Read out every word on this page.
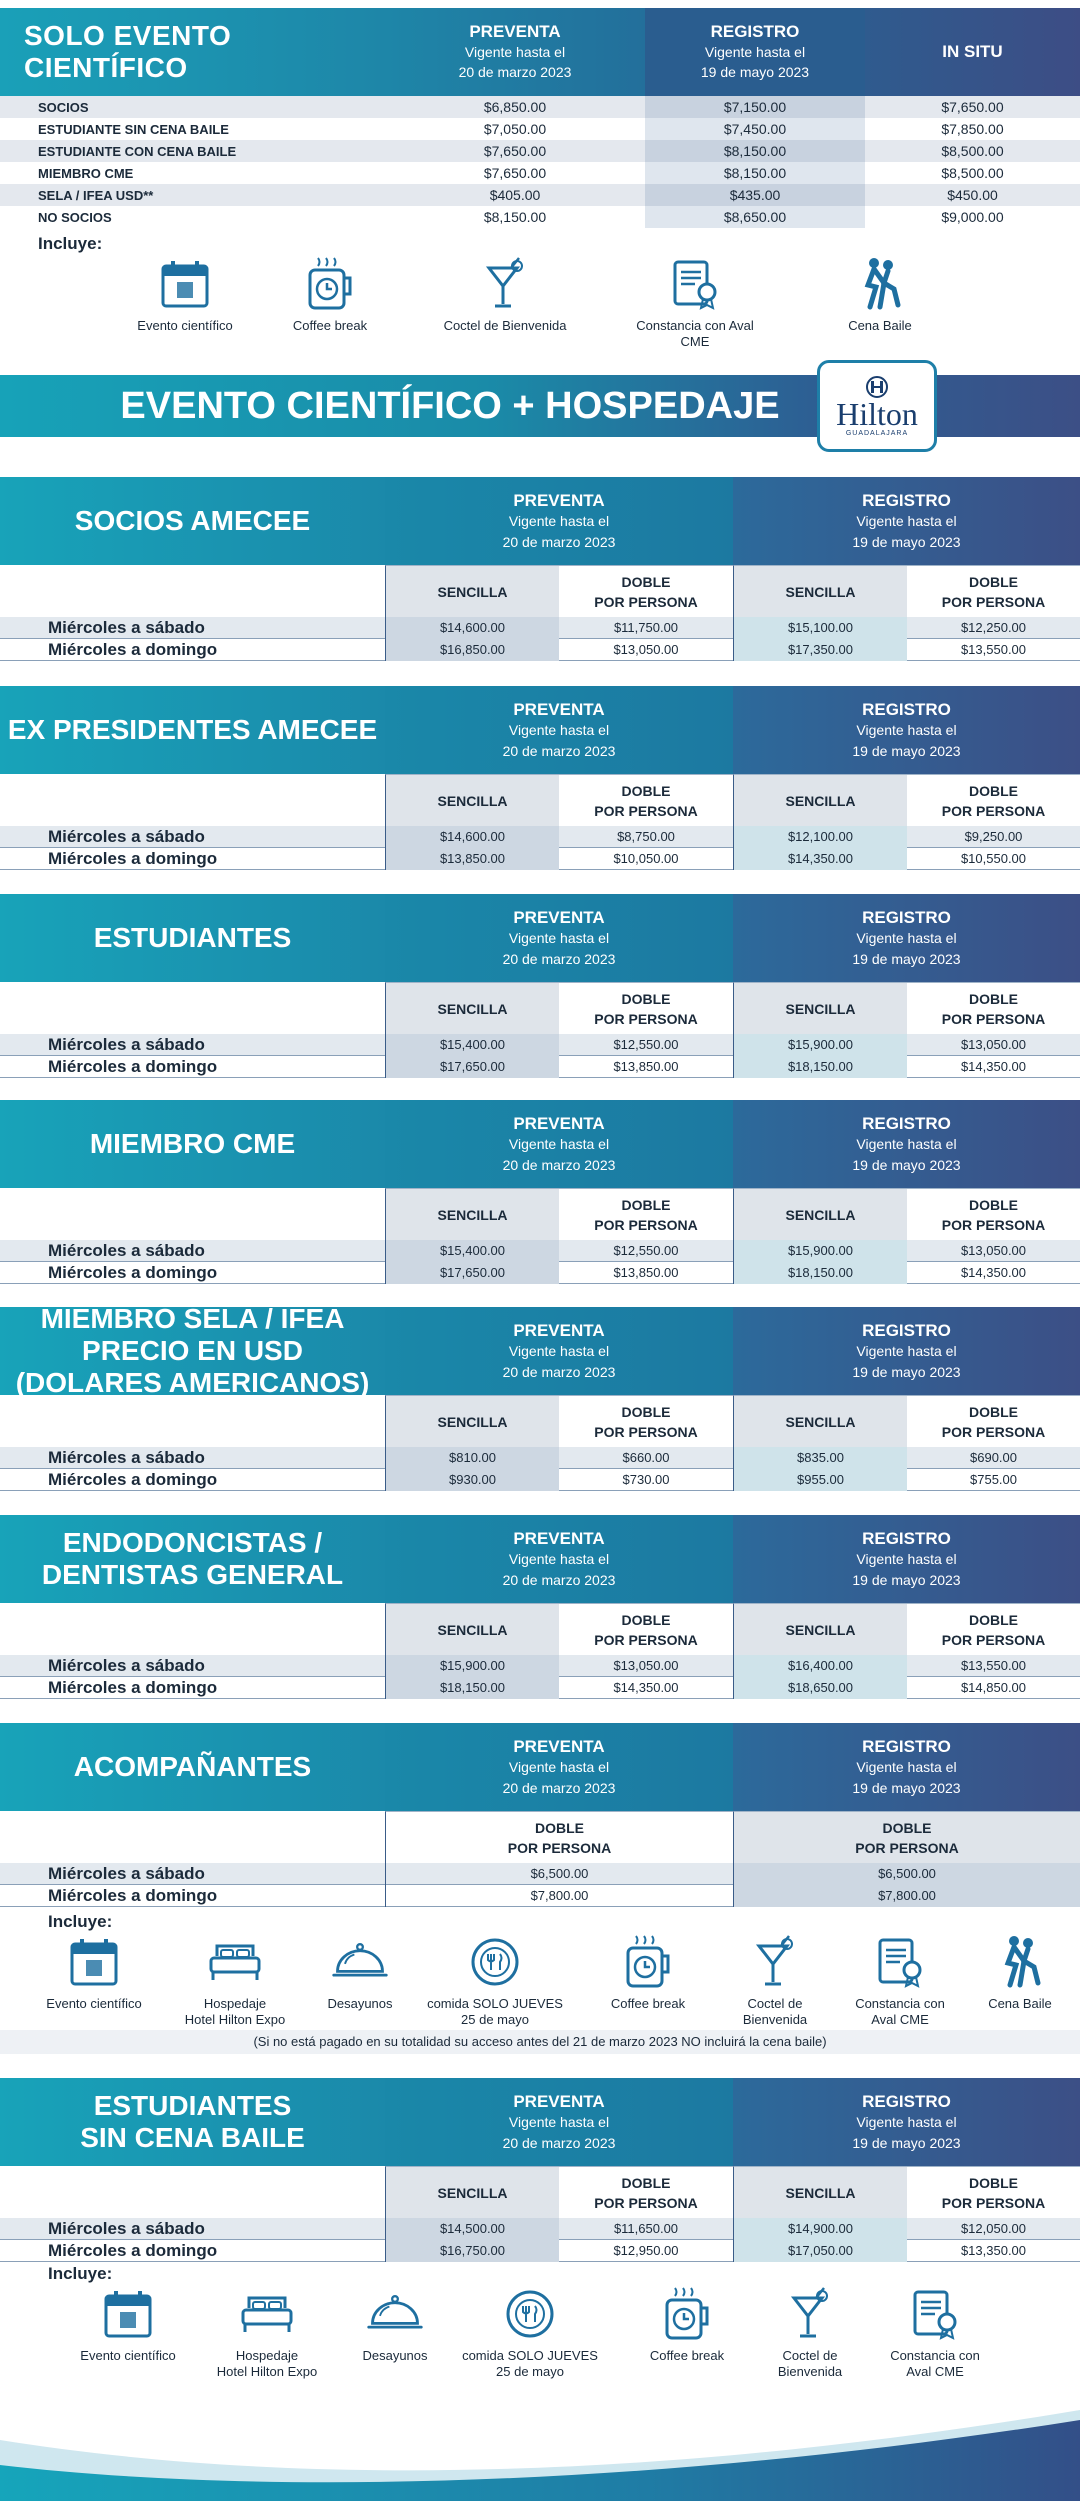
SOLO EVENTO CIENTÍFICO
PREVENTA
Vigente hasta el
20 de marzo 2023
REGISTRO
Vigente hasta el
19 de mayo 2023
IN SITU
SOCIOS	$6,850.00	$7,150.00	$7,650.00
ESTUDIANTE SIN CENA BAILE	$7,050.00	$7,450.00	$7,850.00
ESTUDIANTE CON CENA BAILE	$7,650.00	$8,150.00	$8,500.00
MIEMBRO CME	$7,650.00	$8,150.00	$8,500.00
SELA / IFEA USD**	$405.00	$435.00	$450.00
NO SOCIOS	$8,150.00	$8,650.00	$9,000.00
Incluye:
Evento científico	Coffee break	Coctel de Bienvenida	Constancia con Aval CME
Cena Baile
EVENTO CIENTÍFICO + HOSPEDAJE Hilton
GUADALAJARA
SOCIOS AMECEE
PREVENTA
Vigente hasta el
20 de marzo 2023
REGISTRO
Vigente hasta el
19 de mayo 2023
SENCILLA
DOBLE
POR PERSONA
SENCILLA
DOBLE
POR PERSONA
Miércoles a sábado	$14,600.00	$11,750.00	$15,100.00	$12,250.00
Miércoles a domingo	$16,850.00	$13,050.00	$17,350.00	$13,550.00
EX PRESIDENTES AMECEE
PREVENTA
Vigente hasta el
20 de marzo 2023
REGISTRO
Vigente hasta el
19 de mayo 2023
SENCILLA
DOBLE
POR PERSONA
SENCILLA
DOBLE
POR PERSONA
Miércoles a sábado	$14,600.00	$8,750.00	$12,100.00	$9,250.00
Miércoles a domingo	$13,850.00	$10,050.00	$14,350.00	$10,550.00
ESTUDIANTES
PREVENTA
Vigente hasta el
20 de marzo 2023
REGISTRO
Vigente hasta el
19 de mayo 2023
SENCILLA
DOBLE
POR PERSONA
SENCILLA
DOBLE
POR PERSONA
Miércoles a sábado	$15,400.00	$12,550.00	$15,900.00	$13,050.00
Miércoles a domingo	$17,650.00	$13,850.00	$18,150.00	$14,350.00
MIEMBRO CME
PREVENTA
Vigente hasta el
20 de marzo 2023
REGISTRO
Vigente hasta el
19 de mayo 2023
SENCILLA
DOBLE
POR PERSONA
SENCILLA
DOBLE
POR PERSONA
Miércoles a sábado	$15,400.00	$12,550.00	$15,900.00	$13,050.00
Miércoles a domingo	$17,650.00	$13,850.00	$18,150.00	$14,350.00
MIEMBRO SELA / IFEA
PRECIO EN USD
(DOLARES AMERICANOS)
PREVENTA
Vigente hasta el
20 de marzo 2023
REGISTRO
Vigente hasta el
19 de mayo 2023
SENCILLA
DOBLE
POR PERSONA
SENCILLA
DOBLE
POR PERSONA
Miércoles a sábado	$810.00	$660.00	$835.00	$690.00
Miércoles a domingo	$930.00	$730.00	$955.00	$755.00
ENDODONCISTAS /
DENTISTAS GENERAL
PREVENTA
Vigente hasta el
20 de marzo 2023
REGISTRO
Vigente hasta el
19 de mayo 2023
SENCILLA
DOBLE
POR PERSONA
SENCILLA
DOBLE
POR PERSONA
Miércoles a sábado	$15,900.00	$13,050.00	$16,400.00	$13,550.00
Miércoles a domingo	$18,150.00	$14,350.00	$18,650.00	$14,850.00
ACOMPAÑANTES
PREVENTA
Vigente hasta el
20 de marzo 2023
REGISTRO
Vigente hasta el
19 de mayo 2023
DOBLE
POR PERSONA
DOBLE
POR PERSONA
Miércoles a sábado	$6,500.00	$6,500.00
Miércoles a domingo	$7,800.00	$7,800.00
Incluye:
Evento científico	Hospedaje
Hotel Hilton Expo
Desayunos	comida SOLO JUEVES
25 de mayo
Coffee break	Coctel de
Bienvenida
Constancia con
Aval CME
Cena Baile
(Si no está pagado en su totalidad su acceso antes del 21 de marzo 2023 NO incluirá la cena baile)
ESTUDIANTES
SIN CENA BAILE
PREVENTA
Vigente hasta el
20 de marzo 2023
REGISTRO
Vigente hasta el
19 de mayo 2023
SENCILLA
DOBLE
POR PERSONA
SENCILLA
DOBLE
POR PERSONA
Miércoles a sábado	$14,500.00	$11,650.00	$14,900.00	$12,050.00
Miércoles a domingo	$16,750.00	$12,950.00	$17,050.00	$13,350.00
Incluye:
Evento científico	Hospedaje
Hotel Hilton Expo
Desayunos	comida SOLO JUEVES
25 de mayo
Coffee break	Coctel de
Bienvenida
Constancia con
Aval CME
